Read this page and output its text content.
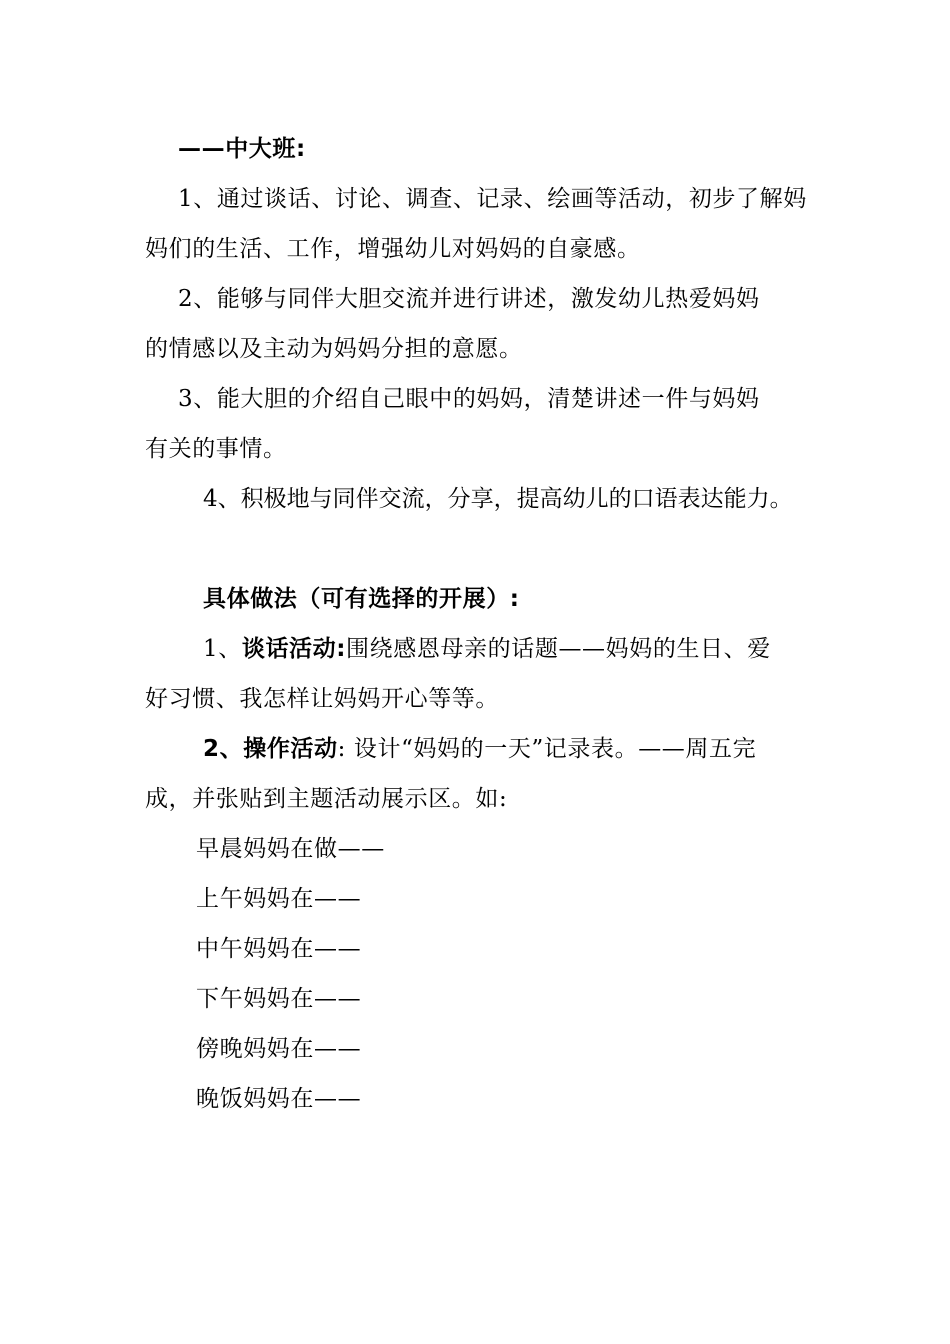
——中大班:
1、通过谈话、讨论、调查、记录、绘画等活动，初步了解妈
妈们的生活、工作，增强幼儿对妈妈的自豪感。
2、能够与同伴大胆交流并进行讲述，激发幼儿热爱妈妈
的情感以及主动为妈妈分担的意愿。
3、能大胆的介绍自己眼中的妈妈，清楚讲述一件与妈妈
有关的事情。
4、积极地与同伴交流，分享，提高幼儿的口语表达能力。
具体做法（可有选择的开展）:
1、谈话活动:围绕感恩母亲的话题——妈妈的生日、爱
好习惯、我怎样让妈妈开心等等。
2、操作活动: 设计“妈妈的一天”记录表。——周五完
成，并张贴到主题活动展示区。如:
早晨妈妈在做——
上午妈妈在——
中午妈妈在——
下午妈妈在——
傍晚妈妈在——
晚饭妈妈在——
